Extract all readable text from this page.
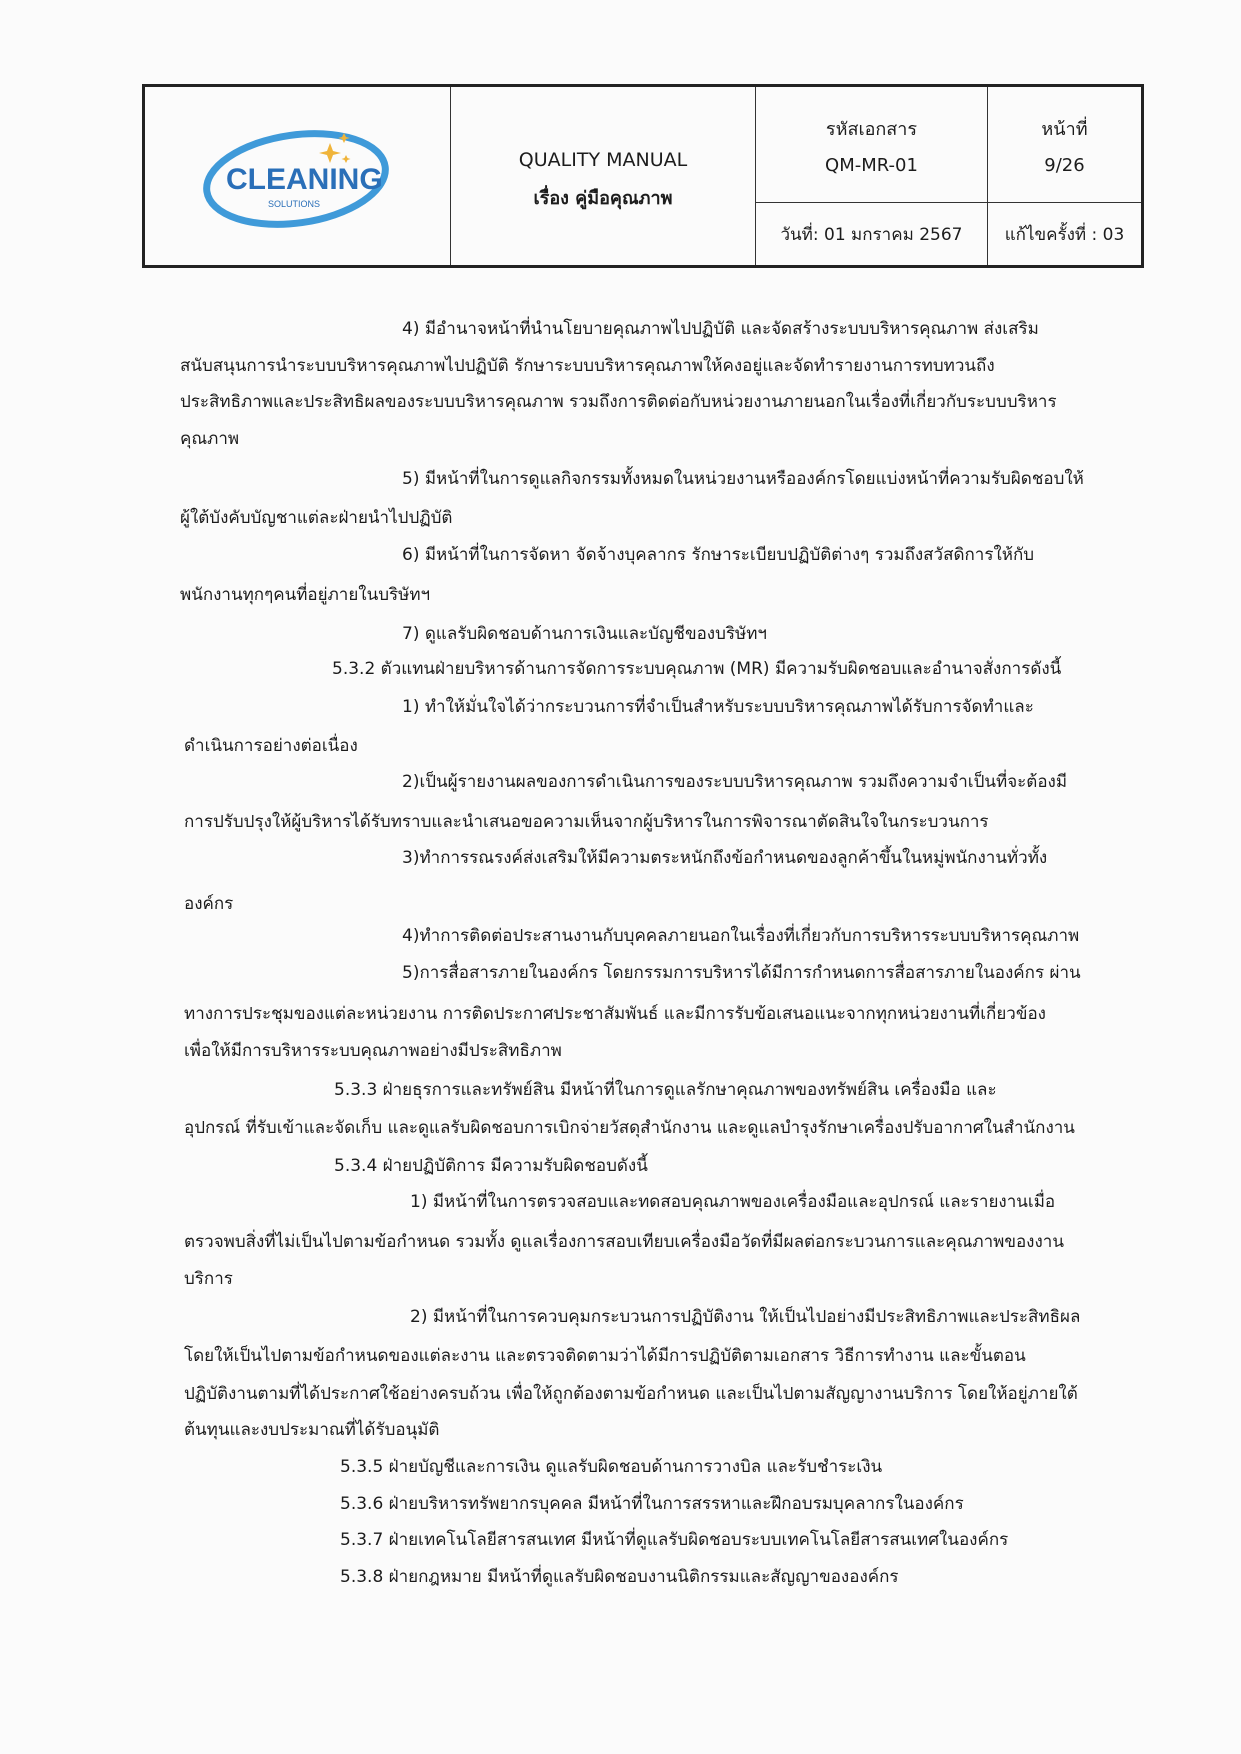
CLEANING
SOLUTIONS
QUALITY MANUAL
เรื่อง คู่มือคุณภาพ
รหัสเอกสาร
QM-MR-01
วันที่: 01 มกราคม 2567
หน้าที่
9/26
แก้ไขครั้งที่ : 03
4) มีอำนาจหน้าที่นำนโยบายคุณภาพไปปฏิบัติ และจัดสร้างระบบบริหารคุณภาพ ส่งเสริม
สนับสนุนการนำระบบบริหารคุณภาพไปปฏิบัติ รักษาระบบบริหารคุณภาพให้คงอยู่และจัดทำรายงานการทบทวนถึง
ประสิทธิภาพและประสิทธิผลของระบบบริหารคุณภาพ รวมถึงการติดต่อกับหน่วยงานภายนอกในเรื่องที่เกี่ยวกับระบบบริหาร
คุณภาพ
5) มีหน้าที่ในการดูแลกิจกรรมทั้งหมดในหน่วยงานหรือองค์กรโดยแบ่งหน้าที่ความรับผิดชอบให้
ผู้ใต้บังคับบัญชาแต่ละฝ่ายนำไปปฏิบัติ
6) มีหน้าที่ในการจัดหา จัดจ้างบุคลากร รักษาระเบียบปฏิบัติต่างๆ รวมถึงสวัสดิการให้กับ
พนักงานทุกๆคนที่อยู่ภายในบริษัทฯ
7) ดูแลรับผิดชอบด้านการเงินและบัญชีของบริษัทฯ
5.3.2 ตัวแทนฝ่ายบริหารด้านการจัดการระบบคุณภาพ (MR) มีความรับผิดชอบและอำนาจสั่งการดังนี้
1) ทำให้มั่นใจได้ว่ากระบวนการที่จำเป็นสำหรับระบบบริหารคุณภาพได้รับการจัดทำและ
ดำเนินการอย่างต่อเนื่อง
2)เป็นผู้รายงานผลของการดำเนินการของระบบบริหารคุณภาพ รวมถึงความจำเป็นที่จะต้องมี
การปรับปรุงให้ผู้บริหารได้รับทราบและนำเสนอขอความเห็นจากผู้บริหารในการพิจารณาตัดสินใจในกระบวนการ
3)ทำการรณรงค์ส่งเสริมให้มีความตระหนักถึงข้อกำหนดของลูกค้าขึ้นในหมู่พนักงานทั่วทั้ง
องค์กร
4)ทำการติดต่อประสานงานกับบุคคลภายนอกในเรื่องที่เกี่ยวกับการบริหารระบบบริหารคุณภาพ
5)การสื่อสารภายในองค์กร โดยกรรมการบริหารได้มีการกำหนดการสื่อสารภายในองค์กร ผ่าน
ทางการประชุมของแต่ละหน่วยงาน การติดประกาศประชาสัมพันธ์ และมีการรับข้อเสนอแนะจากทุกหน่วยงานที่เกี่ยวข้อง
เพื่อให้มีการบริหารระบบคุณภาพอย่างมีประสิทธิภาพ
5.3.3 ฝ่ายธุรการและทรัพย์สิน มีหน้าที่ในการดูแลรักษาคุณภาพของทรัพย์สิน เครื่องมือ และ
อุปกรณ์ ที่รับเข้าและจัดเก็บ และดูแลรับผิดชอบการเบิกจ่ายวัสดุสำนักงาน และดูแลบำรุงรักษาเครื่องปรับอากาศในสำนักงาน
5.3.4 ฝ่ายปฏิบัติการ มีความรับผิดชอบดังนี้
1) มีหน้าที่ในการตรวจสอบและทดสอบคุณภาพของเครื่องมือและอุปกรณ์ และรายงานเมื่อ
ตรวจพบสิ่งที่ไม่เป็นไปตามข้อกำหนด รวมทั้ง ดูแลเรื่องการสอบเทียบเครื่องมือวัดที่มีผลต่อกระบวนการและคุณภาพของงาน
บริการ
2) มีหน้าที่ในการควบคุมกระบวนการปฏิบัติงาน ให้เป็นไปอย่างมีประสิทธิภาพและประสิทธิผล
โดยให้เป็นไปตามข้อกำหนดของแต่ละงาน และตรวจติดตามว่าได้มีการปฏิบัติตามเอกสาร วิธีการทำงาน และขั้นตอน
ปฏิบัติงานตามที่ได้ประกาศใช้อย่างครบถ้วน เพื่อให้ถูกต้องตามข้อกำหนด และเป็นไปตามสัญญางานบริการ โดยให้อยู่ภายใต้
ต้นทุนและงบประมาณที่ได้รับอนุมัติ
5.3.5 ฝ่ายบัญชีและการเงิน ดูแลรับผิดชอบด้านการวางบิล และรับชำระเงิน
5.3.6 ฝ่ายบริหารทรัพยากรบุคคล มีหน้าที่ในการสรรหาและฝึกอบรมบุคลากรในองค์กร
5.3.7 ฝ่ายเทคโนโลยีสารสนเทศ มีหน้าที่ดูแลรับผิดชอบระบบเทคโนโลยีสารสนเทศในองค์กร
5.3.8 ฝ่ายกฎหมาย มีหน้าที่ดูแลรับผิดชอบงานนิติกรรมและสัญญาขององค์กร
